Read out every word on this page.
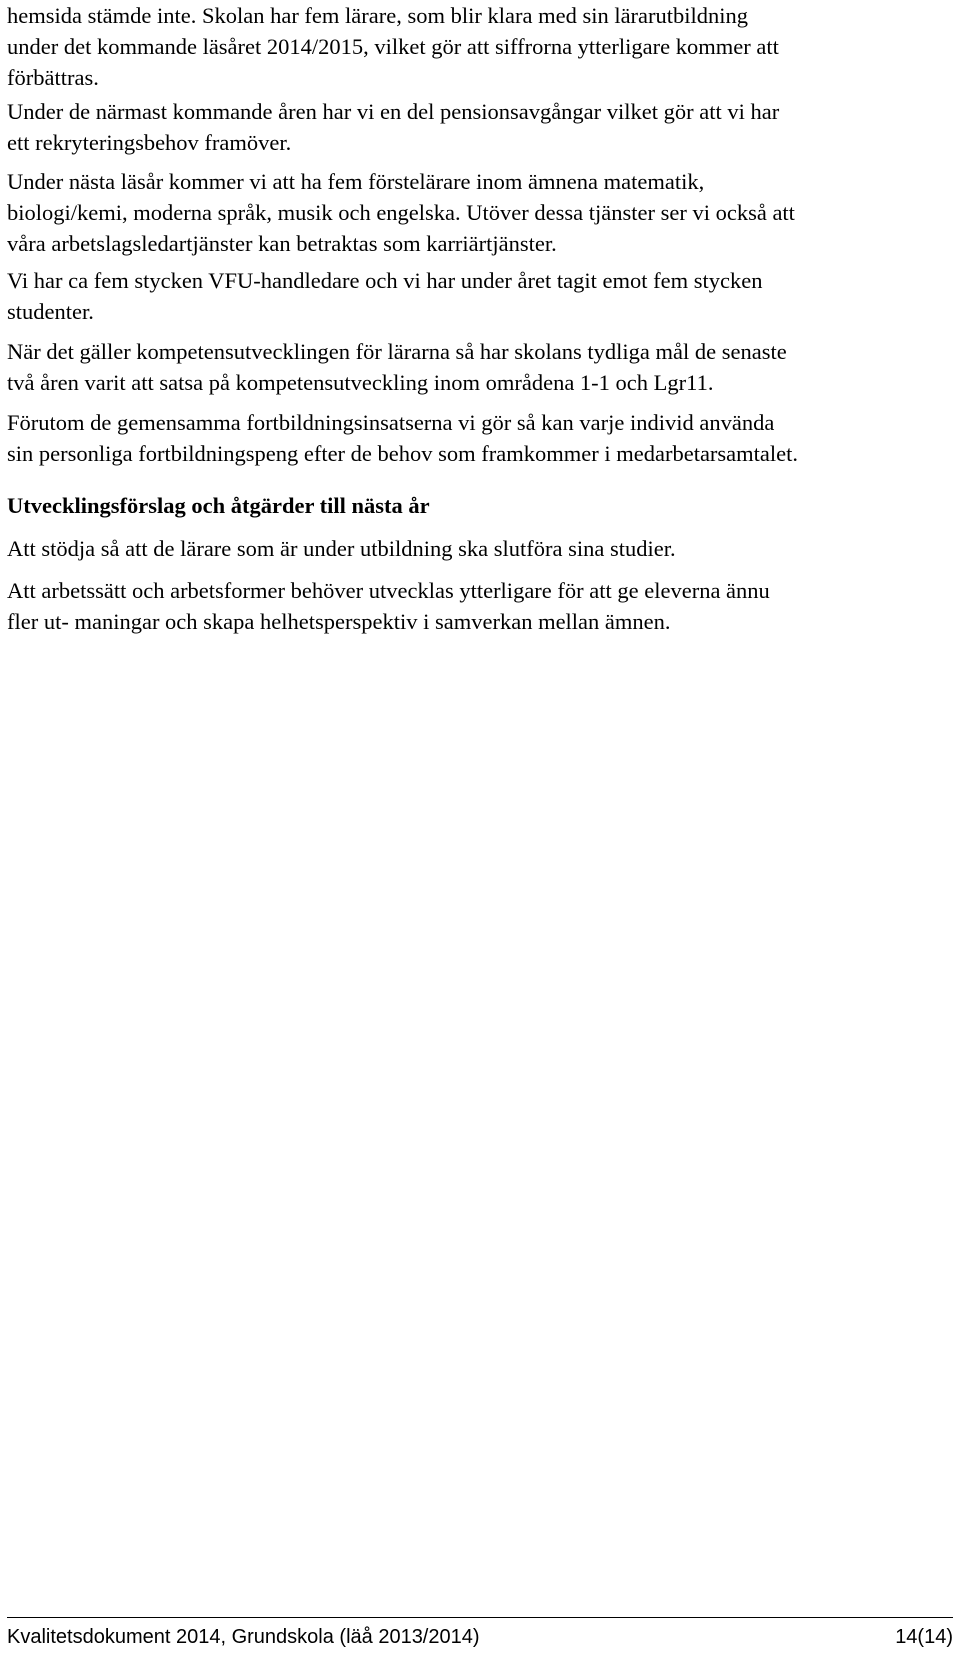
hemsida stämde inte. Skolan har fem lärare, som blir klara med sin lärarutbildning
under det kommande läsåret 2014/2015, vilket gör att siffrorna ytterligare kommer att
förbättras.

Under de närmast kommande åren har vi en del pensionsavgångar vilket gör att vi har
ett rekryteringsbehov framöver.

Under nästa läsår kommer vi att ha fem förstelärare inom ämnena matematik,
biologi/kemi, moderna språk, musik och engelska. Utöver dessa tjänster ser vi också att
våra arbetslagsledartjänster kan betraktas som karriärtjänster.

Vi har ca fem stycken VFU-handledare och vi har under året tagit emot fem stycken
studenter.

När det gäller kompetensutvecklingen för lärarna så har skolans tydliga mål de senaste
två åren varit att satsa på kompetensutveckling inom områdena 1-1 och Lgr11.

Förutom de gemensamma fortbildningsinsatserna vi gör så kan varje individ använda
sin personliga fortbildningspeng efter de behov som framkommer i medarbetarsamtalet.

Utvecklingsförslag och åtgärder till nästa år

Att stödja så att de lärare som är under utbildning ska slutföra sina studier.

Att arbetssätt och arbetsformer behöver utvecklas ytterligare för att ge eleverna ännu
fler ut- maningar och skapa helhetsperspektiv i samverkan mellan ämnen.

Kvalitetsdokument 2014, Grundskola (läå 2013/2014)	14(14)
